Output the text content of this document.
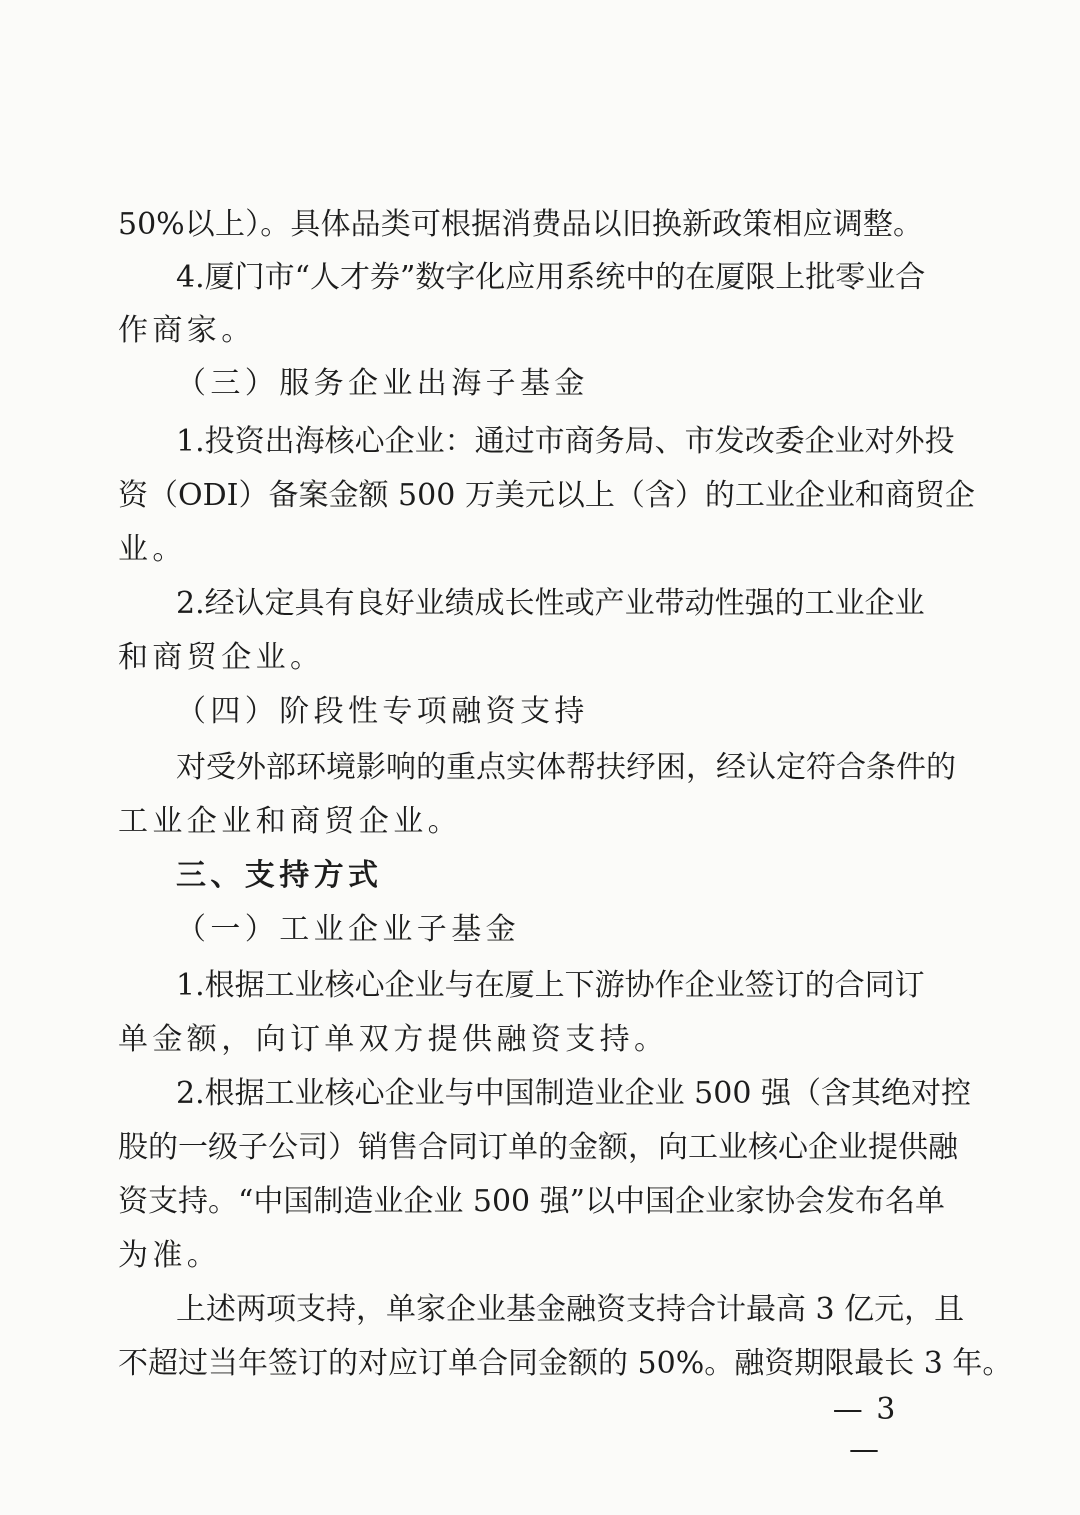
50%以上）。具体品类可根据消费品以旧换新政策相应调整。
4.厦门市“人才券”数字化应用系统中的在厦限上批零业合
作商家。
（三）服务企业出海子基金
1.投资出海核心企业：通过市商务局、市发改委企业对外投
资（ODI）备案金额 500 万美元以上（含）的工业企业和商贸企
业。
2.经认定具有良好业绩成长性或产业带动性强的工业企业
和商贸企业。
（四）阶段性专项融资支持
对受外部环境影响的重点实体帮扶纾困，经认定符合条件的
工业企业和商贸企业。
三、支持方式
（一）工业企业子基金
1.根据工业核心企业与在厦上下游协作企业签订的合同订
单金额，向订单双方提供融资支持。
2.根据工业核心企业与中国制造业企业 500 强（含其绝对控
股的一级子公司）销售合同订单的金额，向工业核心企业提供融
资支持。“中国制造业企业 500 强”以中国企业家协会发布名单
为准。
上述两项支持，单家企业基金融资支持合计最高 3 亿元，且
不超过当年签订的对应订单合同金额的 50%。融资期限最长 3 年。
— 3 —
